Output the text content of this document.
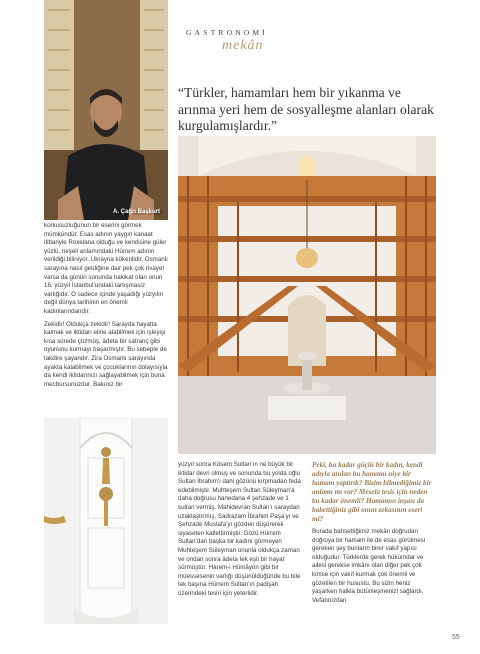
GASTRONOMİ
mekân
A. Çağrı Başkurt

“Türkler, hamamları hem bir yıkanma ve arınma yeri hem de sosyalleşme alanları olarak kurgulamışlardır.”

korkusuzluğunun bir eserini görmek mümkündür. Esas adının yaygın kanaat itibariyle Roxelana olduğu ve kendisine güler yüzlü, neşeli anlamındaki Hürrem adının verildiği biliniyor. Ukrayna kökenlidir. Osmanlı sarayına nasıl geldiğine dair pek çok rivayet varsa da günün sonunda hakikat olan onun 16. yüzyıl İstanbul’undaki tartışmasız varlığıdır. O sadece içinde yaşadığı yüzyılın değil dünya tarihinin en önemli kadınlarındandır.

Zekidir! Oldukça zekidir! Sarayda hayatta kalmak ve iktidarı eline alabilmek için işleyişi kısa sürede çözmüş, âdeta bir satranç gibi oyununu kurmayı başarmıştır. Bu sebeple de takdire şayandır. Zira Osmanlı sarayında ayakta kalabilmek ve çocuklarının dolayısıyla da kendi iktidarınızı sağlayabilmek için buna mecbursunuzdur. Bakınız bir

yüzyıl sonra Kösem Sultan’ın ne büyük bir iktidar devri olmuş ve sonunda bu yolda oğlu Sultan İbrahim’i dahi gözünü kırpmadan feda edebilmiştir. Muhteşem Sultan Süleyman’a daha doğrusu hanedana 4 şehzade ve 1 sultan vermiş. Mahidevran Sultan’ı saraydan uzaklaştırmış, Sadrazam İbrahim Paşa’yı ve Şehzade Mustafa’yı gözden düşürerek siyaseten katlettirmiştir. Gözü Hürrem Sultan’dan başka bir kadını görmeyen Muhteşem Süleyman onunla oldukça zaman ve ondan sonra âdeta tek eşli bir hayat sürmüştür. Harem-i Hümâyûn gibi bir müessesenin varlığı düşünüldüğünde bu bile tek başına Hürrem Sultan’ın padişah üzerindeki tesiri için yeterlidir.

Peki, bu kadar güçlü bir kadın, kendi adıyla anılan bu hamamı niye bir hamam yaptırdı? Bizim bilmediğimiz bir anlamı mı var? Mesela tesis için neden bu kadar önemli? Hamamın inşası da babettiğiniz gibi onun zekasının eseri mi?

Burada bahsettiğimiz mekân doğrudan doğruya bir hamam ile de esas görülmesi gereken şey bunların birer vakıf yapısı olduğudur. Türklerde gerek hükümdar ve ailesi gerekse imkânı olan diğer pek çok kimse için vakıf kurmak çok önemli ve gözetilen bir husustu. Bu sizin heniz yaşarken halkla bütünleşmenizi sağlardı. Vefatınızdan

55
